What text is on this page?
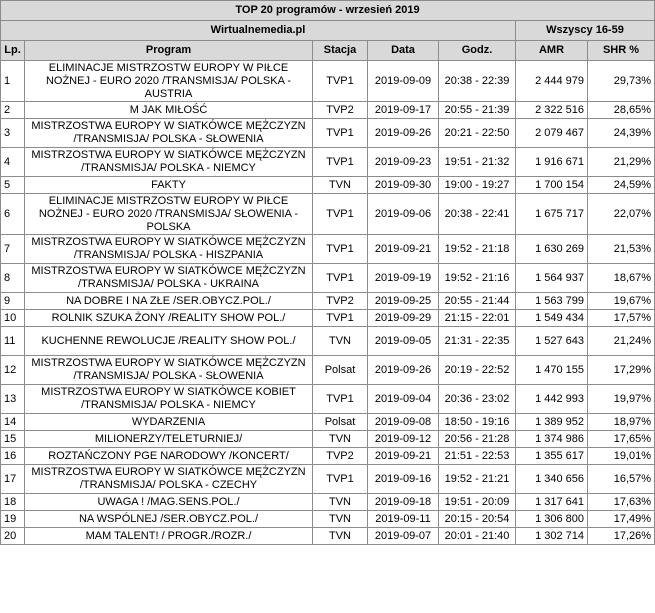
TOP 20 programów - wrzesień 2019						
Wirtualnemedia.pl					Wszyscy 16-59	
Lp.	Program	Stacja	Data	Godz.	AMR	SHR %
1	ELIMINACJE MISTRZOSTW EUROPY W PIŁCE NOŻNEJ - EURO 2020 /TRANSMISJA/ POLSKA - AUSTRIA	TVP1	2019-09-09	20:38 - 22:39	2 444 979	29,73%
2	M JAK MIŁOŚĆ	TVP2	2019-09-17	20:55 - 21:39	2 322 516	28,65%
3	MISTRZOSTWA EUROPY W SIATKÓWCE MĘŻCZYZN /TRANSMISJA/ POLSKA - SŁOWENIA	TVP1	2019-09-26	20:21 - 22:50	2 079 467	24,39%
4	MISTRZOSTWA EUROPY W SIATKÓWCE MĘŻCZYZN /TRANSMISJA/ POLSKA - NIEMCY	TVP1	2019-09-23	19:51 - 21:32	1 916 671	21,29%
5	FAKTY	TVN	2019-09-30	19:00 - 19:27	1 700 154	24,59%
6	ELIMINACJE MISTRZOSTW EUROPY W PIŁCE NOŻNEJ - EURO 2020 /TRANSMISJA/ SŁOWENIA - POLSKA	TVP1	2019-09-06	20:38 - 22:41	1 675 717	22,07%
7	MISTRZOSTWA EUROPY W SIATKÓWCE MĘŻCZYZN /TRANSMISJA/ POLSKA - HISZPANIA	TVP1	2019-09-21	19:52 - 21:18	1 630 269	21,53%
8	MISTRZOSTWA EUROPY W SIATKÓWCE MĘŻCZYZN /TRANSMISJA/ POLSKA - UKRAINA	TVP1	2019-09-19	19:52 - 21:16	1 564 937	18,67%
9	NA DOBRE I NA ZŁE /SER.OBYCZ.POL./	TVP2	2019-09-25	20:55 - 21:44	1 563 799	19,67%
10	ROLNIK SZUKA ŻONY /REALITY SHOW POL./	TVP1	2019-09-29	21:15 - 22:01	1 549 434	17,57%
11	KUCHENNE REWOLUCJE /REALITY SHOW POL./	TVN	2019-09-05	21:31 - 22:35	1 527 643	21,24%
12	MISTRZOSTWA EUROPY W SIATKÓWCE MĘŻCZYZN /TRANSMISJA/ POLSKA - SŁOWENIA	Polsat	2019-09-26	20:19 - 22:52	1 470 155	17,29%
13	MISTRZOSTWA EUROPY W SIATKÓWCE KOBIET /TRANSMISJA/ POLSKA - NIEMCY	TVP1	2019-09-04	20:36 - 23:02	1 442 993	19,97%
14	WYDARZENIA	Polsat	2019-09-08	18:50 - 19:16	1 389 952	18,97%
15	MILIONERZY/TELETURNIEJ/	TVN	2019-09-12	20:56 - 21:28	1 374 986	17,65%
16	ROZTAŃCZONY PGE NARODOWY /KONCERT/	TVP2	2019-09-21	21:51 - 22:53	1 355 617	19,01%
17	MISTRZOSTWA EUROPY W SIATKÓWCE MĘŻCZYZN /TRANSMISJA/ POLSKA - CZECHY	TVP1	2019-09-16	19:52 - 21:21	1 340 656	16,57%
18	UWAGA ! /MAG.SENS.POL./	TVN	2019-09-18	19:51 - 20:09	1 317 641	17,63%
19	NA WSPÓLNEJ /SER.OBYCZ.POL./	TVN	2019-09-11	20:15 - 20:54	1 306 800	17,49%
20	MAM TALENT! / PROGR./ROZR./	TVN	2019-09-07	20:01 - 21:40	1 302 714	17,26%
